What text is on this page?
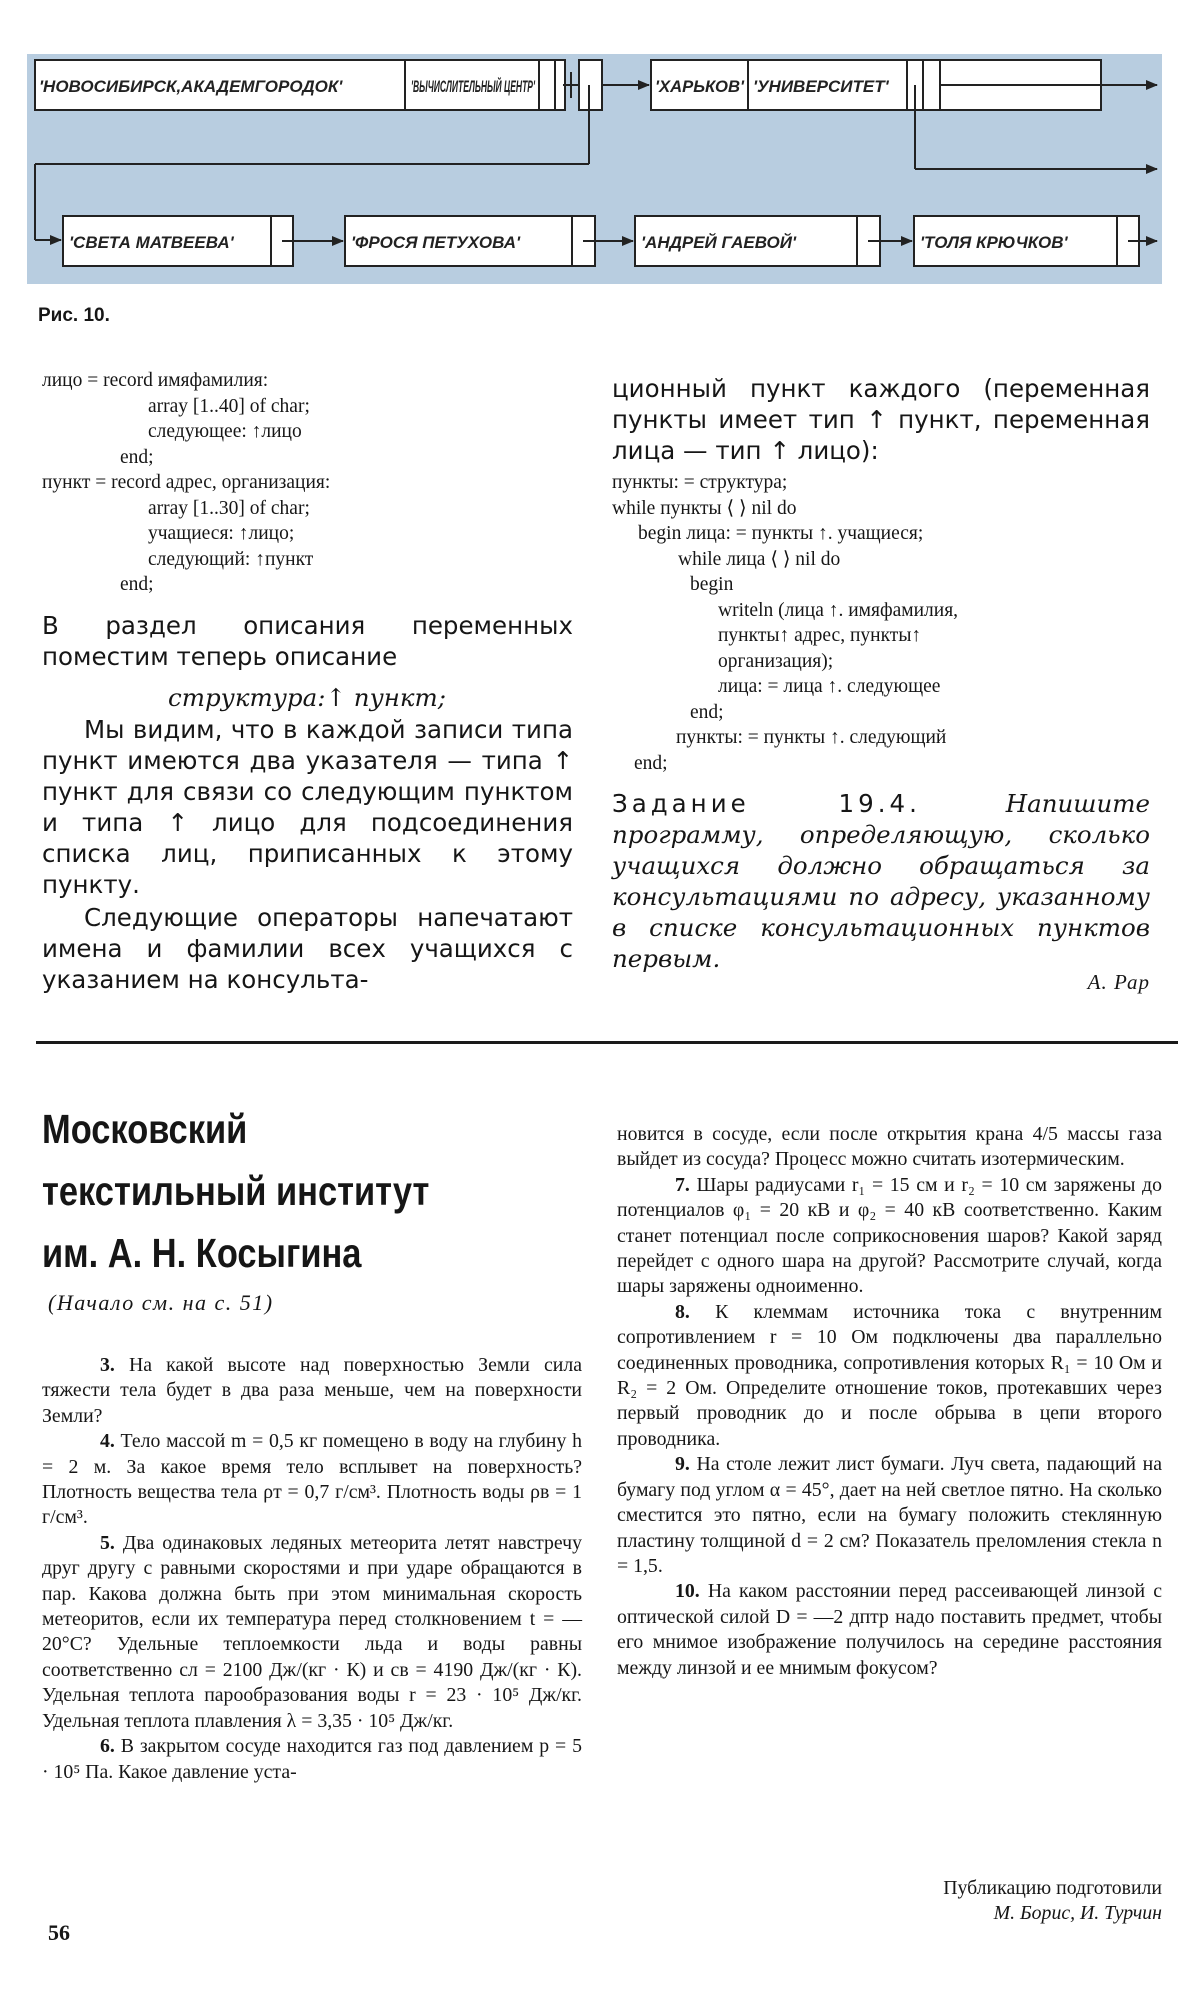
'НОВОСИБИРСК,АКАДЕМГОРОДОК'	'ВЫЧИСЛИТЕЛЬНЫЙ ЦЕНТР'
'ХАРЬКОВ' 'УНИВЕРСИТЕТ'
'СВЕТА МАТВЕЕВА'	'ФРОСЯ ПЕТУХОВА'	'АНДРЕЙ ГАЕВОЙ'	'ТОЛЯ КРЮЧКОВ'
Рис. 10.
лицо = record имяфамилия:
array [1..40] of char;
следующее: ↑лицо
end;
пункт = record адрес, организация:
array [1..30] of char;
учащиеся: ↑лицо;
следующий: ↑пункт
end;
В раздел описания переменных поместим теперь описание
структура:↑ пункт;
Мы видим, что в каждой записи типа пункт имеются два указателя — типа ↑ пункт для связи со следующим пунктом и типа ↑ лицо для подсоединения списка лиц, приписанных к этому пункту.
Следующие операторы напечатают имена и фамилии всех учащихся с указанием на консульта-
ционный пункт каждого (переменная пункты имеет тип ↑ пункт, переменная лица — тип ↑ лицо):
пункты: = структура;
while пункты ⟨ ⟩ nil do
begin лица: = пункты ↑. учащиеся;
while лица ⟨ ⟩ nil do
begin
writeln (лица ↑. имяфамилия,
пункты↑ адрес, пункты↑
организация);
лица: = лица ↑. следующее
end;
пункты: = пункты ↑. следующий
end;
Задание 19.4.	Напишите программу, определяющую, сколько учащихся должно обращаться за консультациями по адресу, указанному в списке консультационных пунктов первым.
А. Рар
Московский
текстильный институт
им. А. Н. Косыгина
(Начало см. на с. 51)

3. На какой высоте над поверхностью Земли сила тяжести тела будет в два раза меньше, чем на поверхности Земли?

4. Тело массой m = 0,5 кг помещено в воду на глубину h = 2 м. За какое время тело всплывет на поверхность? Плотность вещества тела ρт = 0,7 г/см³. Плотность воды ρв = 1 г/см³.

5. Два одинаковых ледяных метеорита летят навстречу друг другу с равными скоростями и при ударе обращаются в пар. Какова должна быть при этом минимальная скорость метеоритов, если их температура перед столкновением t = —20°С? Удельные теплоемкости льда и воды равны соответственно cл = 2100 Дж/(кг · К) и cв = 4190 Дж/(кг · К). Удельная теплота парообразования воды r = 23 · 10⁵ Дж/кг. Удельная теплота плавления λ = 3,35 · 10⁵ Дж/кг.

6. В закрытом сосуде находится газ под давлением p = 5 · 10⁵ Па. Какое давление уста-

новится в сосуде, если после открытия крана 4/5 массы газа выйдет из сосуда? Процесс можно считать изотермическим.

7. Шары радиусами r₁ = 15 см и r₂ = 10 см заряжены до потенциалов φ₁ = 20 кВ и φ₂ = 40 кВ соответственно. Каким станет потенциал после соприкосновения шаров? Какой заряд перейдет с одного шара на другой? Рассмотрите случай, когда шары заряжены одноименно.

8. К клеммам источника тока с внутренним сопротивлением r = 10 Ом подключены два параллельно соединенных проводника, сопротивления которых R₁ = 10 Ом и R₂ = 2 Ом. Определите отношение токов, протекавших через первый проводник до и после обрыва в цепи второго проводника.

9. На столе лежит лист бумаги. Луч света, падающий на бумагу под углом α = 45°, дает на ней светлое пятно. На сколько сместится это пятно, если на бумагу положить стеклянную пластину толщиной d = 2 см? Показатель преломления стекла n = 1,5.

10. На каком расстоянии перед рассеивающей линзой с оптической силой D = —2 дптр надо поставить предмет, чтобы его мнимое изображение получилось на середине расстояния между линзой и ее мнимым фокусом?

Публикацию подготовили
М. Борис, И. Турчин
56
